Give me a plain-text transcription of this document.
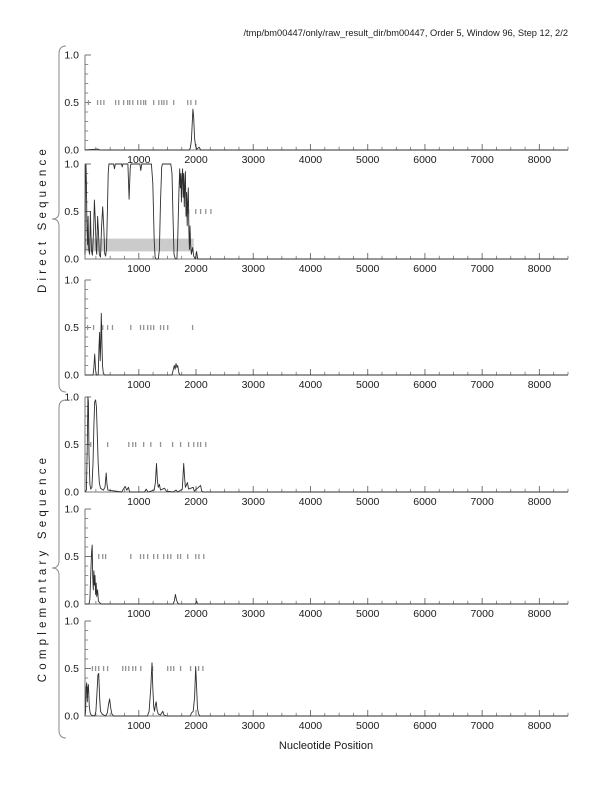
/tmp/bm00447/only/raw_result_dir/bm00447, Order 5, Window 96, Step 12, 2/2
Direct Sequence
Complementary Sequence
0.0
0.5
1.0
1000	2000	3000	4000	5000	6000	7000	8000
0.0
0.5
1.0
1000	2000	3000	4000	5000	6000	7000	8000
0.0
0.5
1.0
1000	2000	3000	4000	5000	6000	7000	8000
0.0
0.5
1.0
1000	2000	3000	4000	5000	6000	7000	8000
0.0
0.5
1.0
1000	2000	3000	4000	5000	6000	7000	8000
0.0
0.5
1.0
1000	2000	3000	4000	5000	6000	7000	8000
Nucleotide Position
